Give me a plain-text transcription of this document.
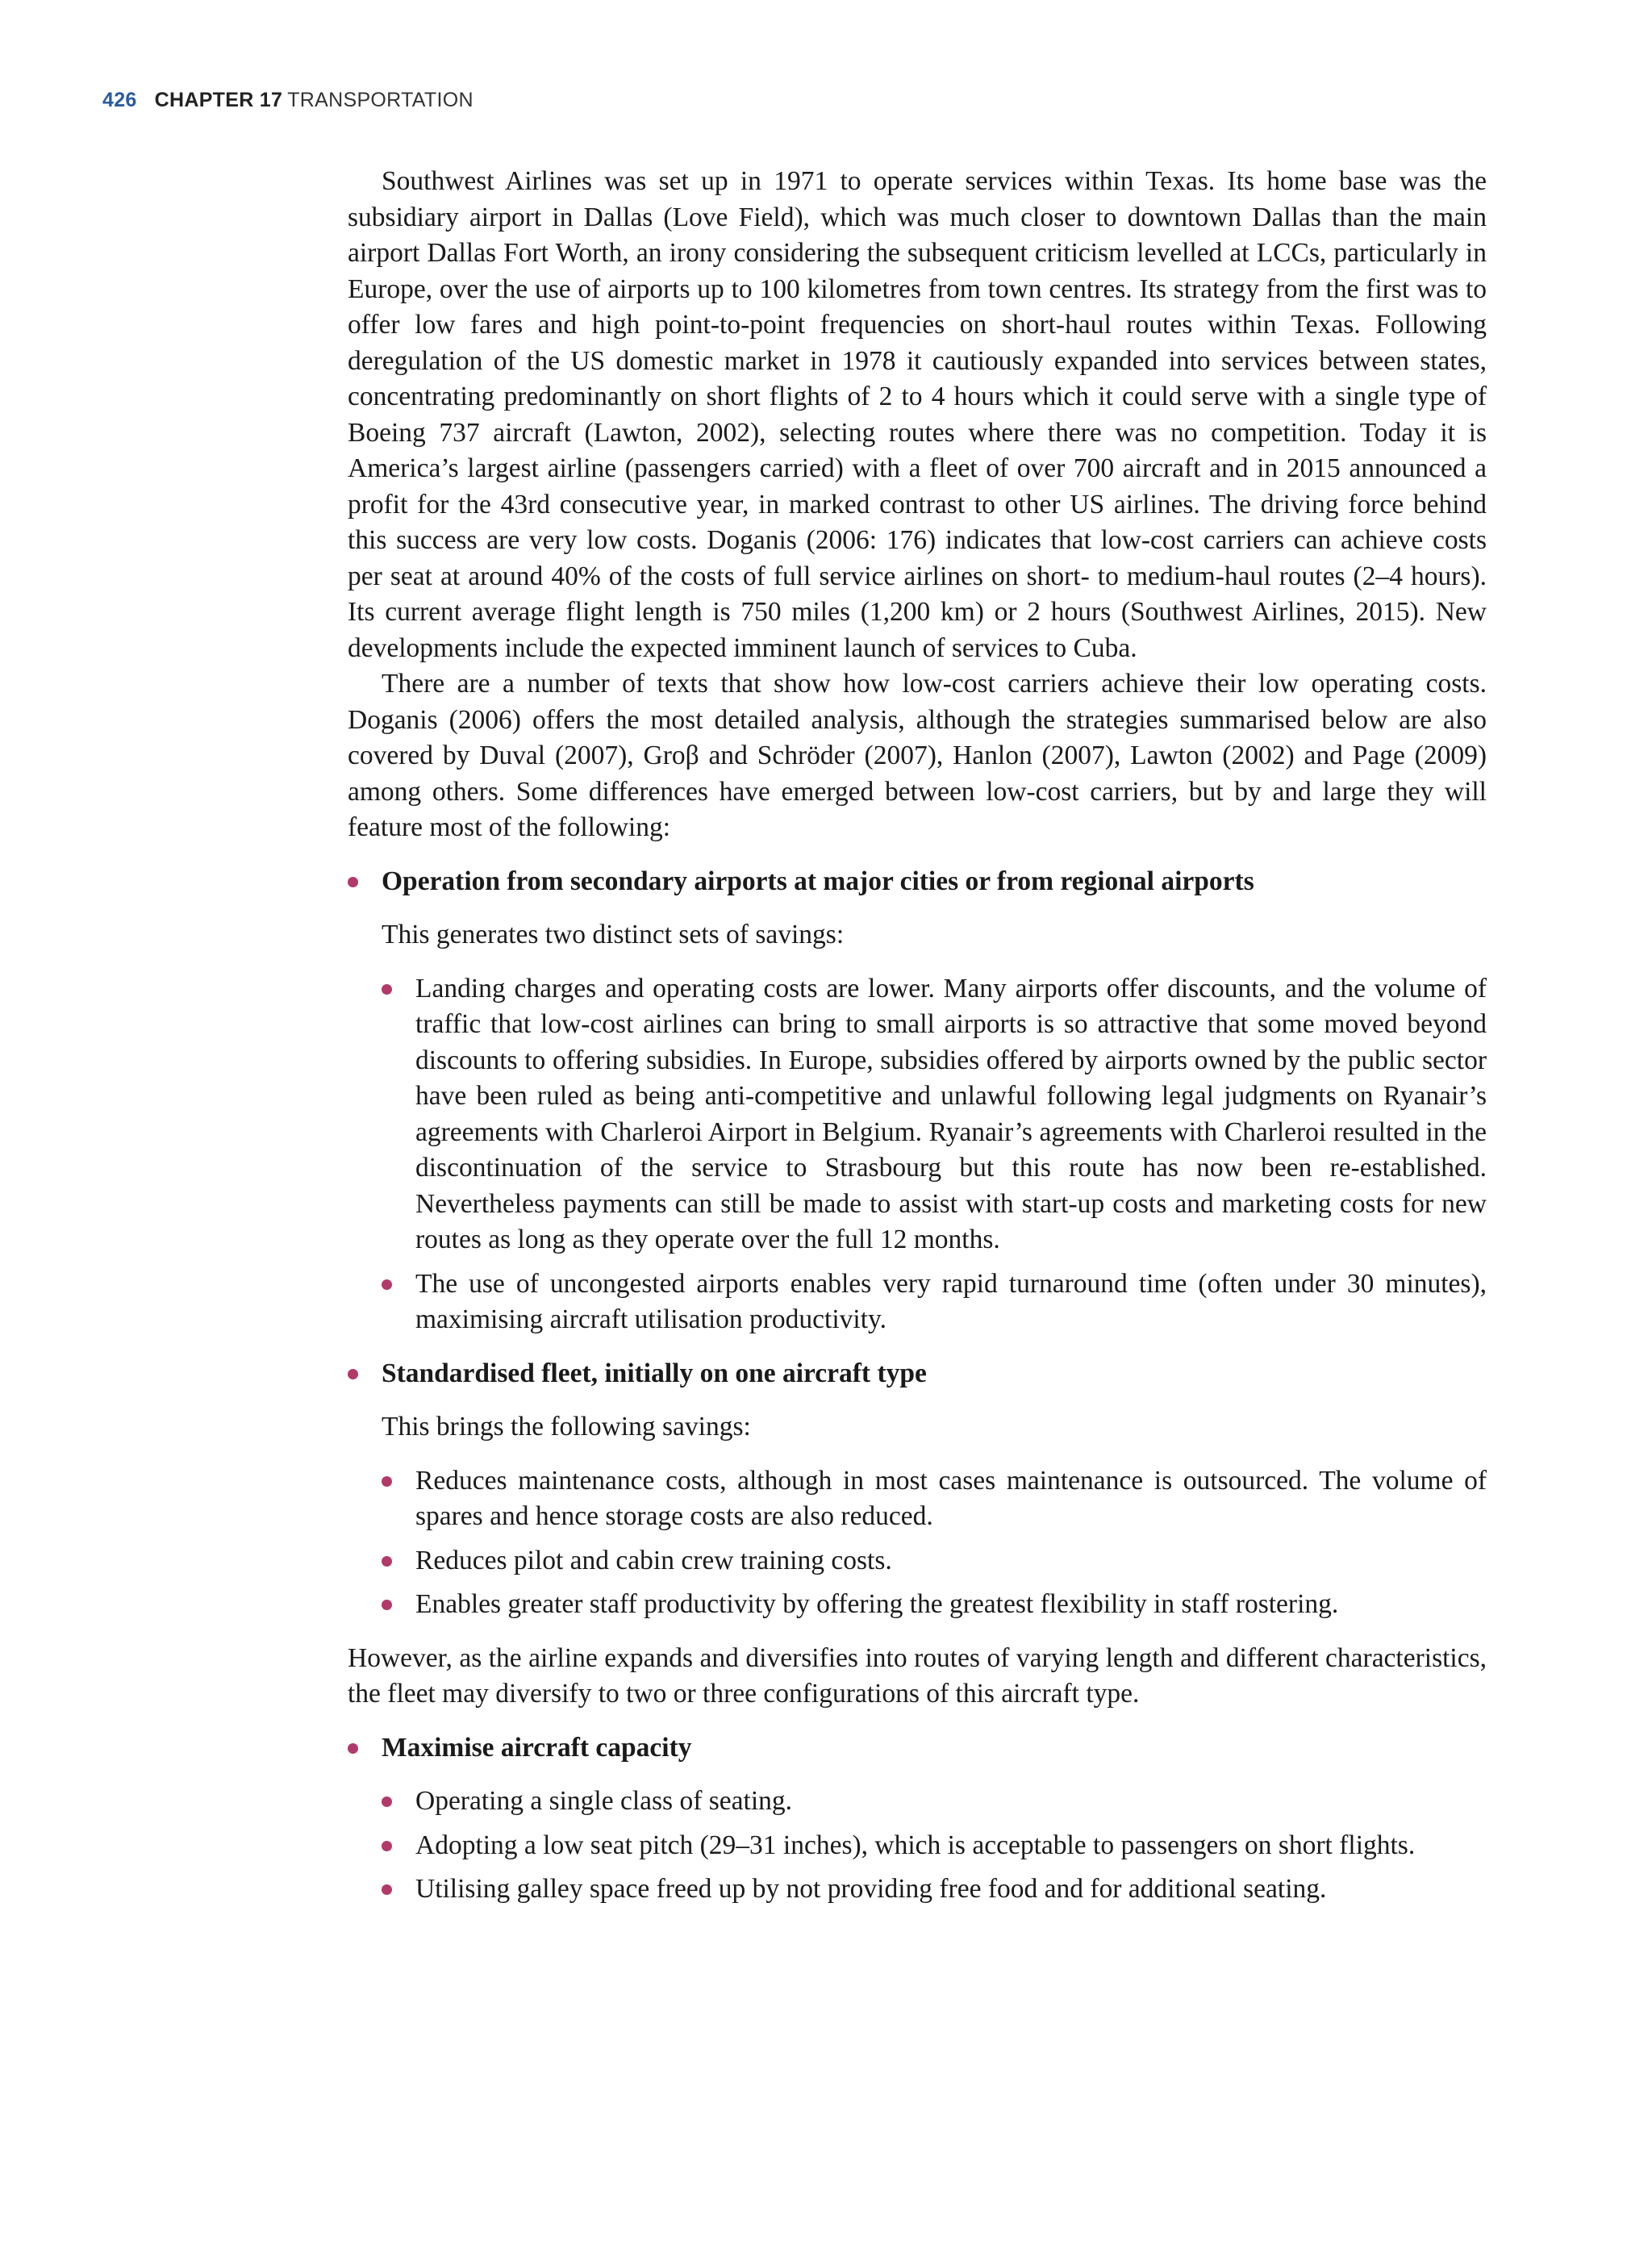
426 CHAPTER 17 TRANSPORTATION

Southwest Airlines was set up in 1971 to operate services within Texas. Its home base was the subsidiary airport in Dallas (Love Field), which was much closer to downtown Dallas than the main airport Dallas Fort Worth, an irony considering the subsequent criticism levelled at LCCs, particularly in Europe, over the use of airports up to 100 kilometres from town centres. Its strategy from the first was to offer low fares and high point-to-point frequencies on short-haul routes within Texas. Following deregulation of the US domestic market in 1978 it cautiously expanded into services between states, concentrating predominantly on short flights of 2 to 4 hours which it could serve with a single type of Boeing 737 aircraft (Lawton, 2002), selecting routes where there was no competition. Today it is America’s largest airline (passengers carried) with a fleet of over 700 aircraft and in 2015 announced a profit for the 43rd consecutive year, in marked contrast to other US airlines. The driving force behind this success are very low costs. Doganis (2006: 176) indicates that low-cost carriers can achieve costs per seat at around 40% of the costs of full service airlines on short- to medium-haul routes (2–4 hours). Its current average flight length is 750 miles (1,200 km) or 2 hours (Southwest Airlines, 2015). New developments include the expected imminent launch of services to Cuba.

There are a number of texts that show how low-cost carriers achieve their low operating costs. Doganis (2006) offers the most detailed analysis, although the strategies summarised below are also covered by Duval (2007), Groβ and Schröder (2007), Hanlon (2007), Lawton (2002) and Page (2009) among others. Some differences have emerged between low-cost carriers, but by and large they will feature most of the following:

Operation from secondary airports at major cities or from regional airports

This generates two distinct sets of savings:

Landing charges and operating costs are lower. Many airports offer discounts, and the volume of traffic that low-cost airlines can bring to small airports is so attractive that some moved beyond discounts to offering subsidies. In Europe, subsidies offered by airports owned by the public sector have been ruled as being anti-competitive and unlawful following legal judgments on Ryanair’s agreements with Charleroi Airport in Belgium. Ryanair’s agreements with Charleroi resulted in the discontinuation of the service to Strasbourg but this route has now been re-established. Nevertheless payments can still be made to assist with start-up costs and marketing costs for new routes as long as they operate over the full 12 months.
The use of uncongested airports enables very rapid turnaround time (often under 30 minutes), maximising aircraft utilisation productivity.
Standardised fleet, initially on one aircraft type

This brings the following savings:

Reduces maintenance costs, although in most cases maintenance is outsourced. The volume of spares and hence storage costs are also reduced.
Reduces pilot and cabin crew training costs.
Enables greater staff productivity by offering the greatest flexibility in staff rostering.

However, as the airline expands and diversifies into routes of varying length and different characteristics, the fleet may diversify to two or three configurations of this aircraft type.

Maximise aircraft capacity
Operating a single class of seating.
Adopting a low seat pitch (29–31 inches), which is acceptable to passengers on short flights.
Utilising galley space freed up by not providing free food and for additional seating.
